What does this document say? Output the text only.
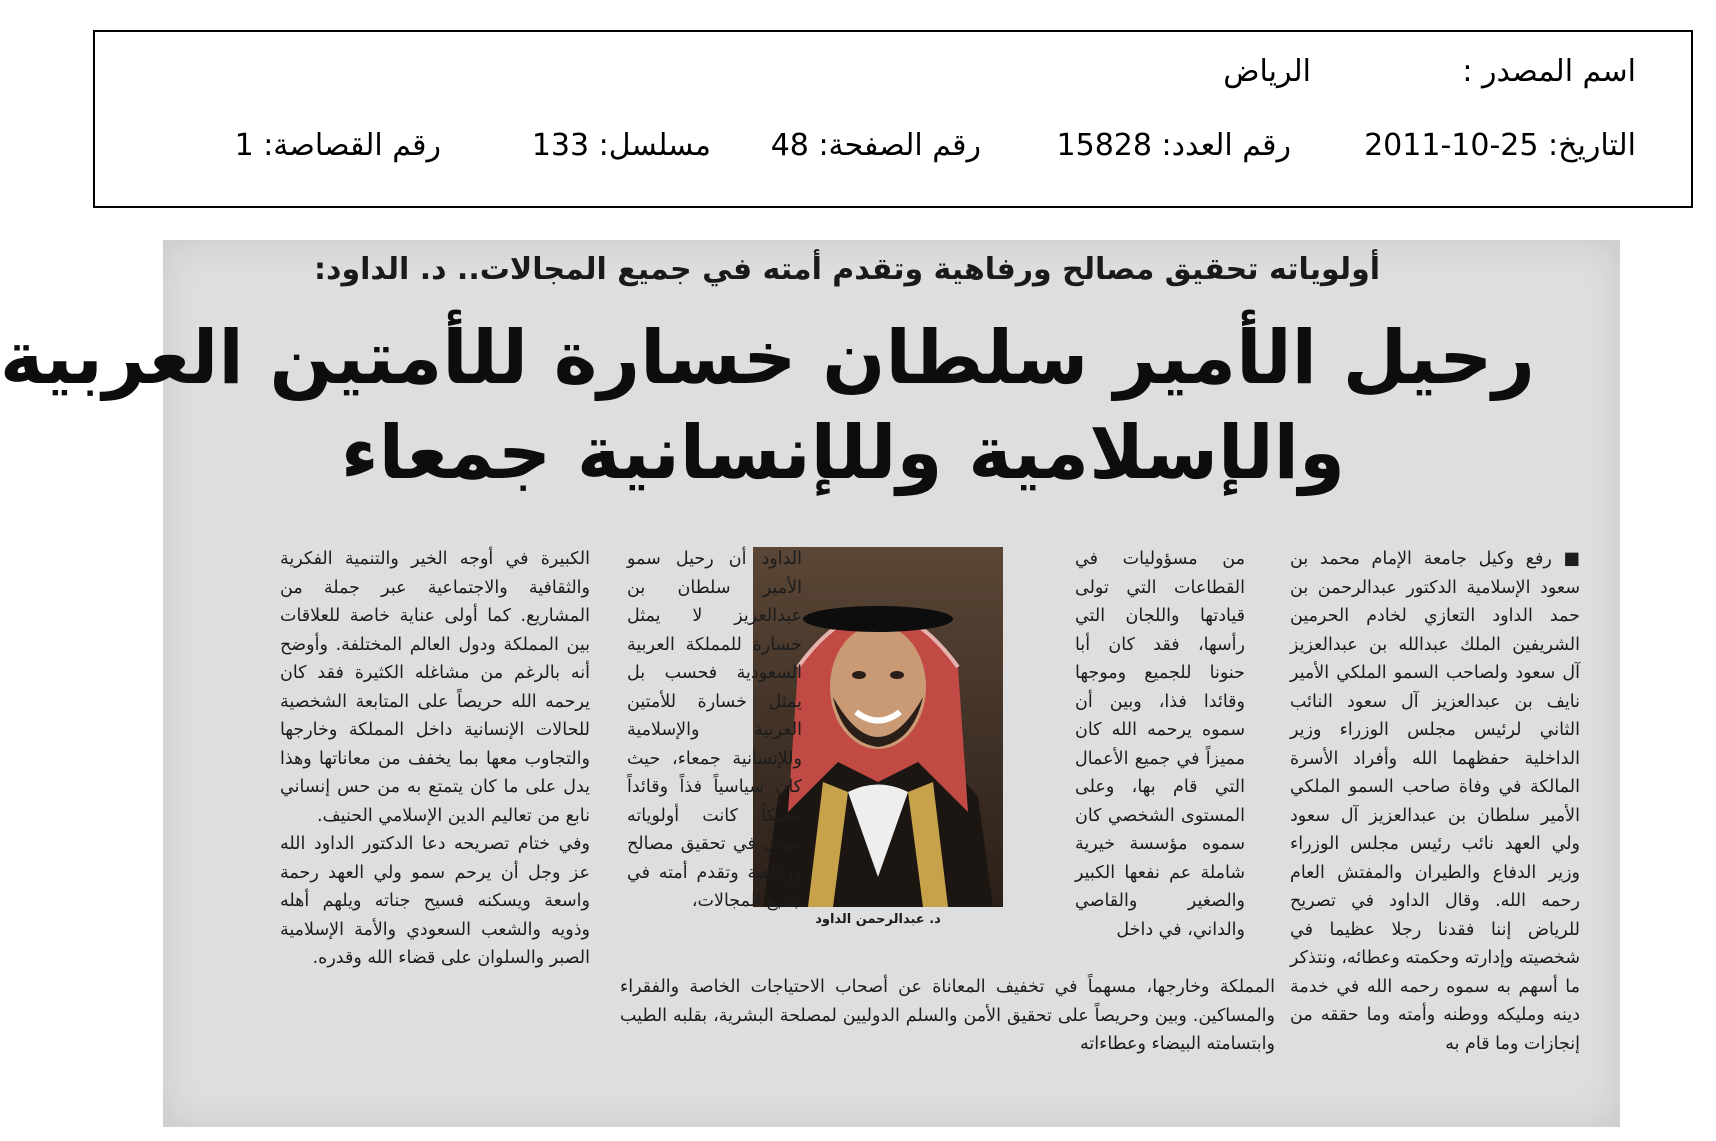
اسم المصدر :
الرياض
التاريخ: 25-10-2011
رقم العدد: 15828
رقم الصفحة: 48
مسلسل: 133
رقم القصاصة: 1
أولوياته تحقيق مصالح ورفاهية وتقدم أمته في جميع المجالات.. د. الداود:
رحيل الأمير سلطان خسارة للأمتين العربية
والإسلامية وللإنسانية جمعاء

■ رفع وكيل جامعة الإمام محمد بن سعود الإسلامية الدكتور عبدالرحمن بن حمد الداود التعازي لخادم الحرمين الشريفين الملك عبدالله بن عبدالعزيز آل سعود ولصاحب السمو الملكي الأمير نايف بن عبدالعزيز آل سعود النائب الثاني لرئيس مجلس الوزراء وزير الداخلية حفظهما الله وأفراد الأسرة المالكة في وفاة صاحب السمو الملكي الأمير سلطان بن عبدالعزيز آل سعود ولي العهد نائب رئيس مجلس الوزراء وزير الدفاع والطيران والمفتش العام رحمه الله. وقال الداود في تصريح للرياض إننا فقدنا رجلا عظيما في شخصيته وإدارته وحكمته وعطائه، ونتذكر ما أسهم به سموه رحمه الله في خدمة دينه ومليكه ووطنه وأمته وما حققه من إنجازات وما قام به

من مسؤوليات في القطاعات التي تولى قيادتها واللجان التي رأسها، فقد كان أبا حنونا للجميع وموجها وقائدا فذا، وبين أن سموه يرحمه الله كان مميزاً في جميع الأعمال التي قام بها، وعلى المستوى الشخصي كان سموه مؤسسة خيرية شاملة عم نفعها الكبير والصغير والقاصي والداني، في داخل

د. عبدالرحمن الداود

الداود أن رحيل سمو الأمير سلطان بن عبدالعزيز لا يمثل خسارة للمملكة العربية السعودية فحسب بل يمثل خسارة للأمتين العربية والإسلامية وللإنسانية جمعاء، حيث كان سياسياً فذاً وقائداً محنكاً كانت أولوياته تتمثل في تحقيق مصالح ورفاهية وتقدم أمته في جميع المجالات،

الكبيرة في أوجه الخير والتنمية الفكرية والثقافية والاجتماعية عبر جملة من المشاريع. كما أولى عناية خاصة للعلاقات بين المملكة ودول العالم المختلفة. وأوضح أنه بالرغم من مشاغله الكثيرة فقد كان يرحمه الله حريصاً على المتابعة الشخصية للحالات الإنسانية داخل المملكة وخارجها والتجاوب معها بما يخفف من معاناتها وهذا يدل على ما كان يتمتع به من حس إنساني نابع من تعاليم الدين الإسلامي الحنيف.

وفي ختام تصريحه دعا الدكتور الداود الله عز وجل أن يرحم سمو ولي العهد رحمة واسعة ويسكنه فسيح جناته ويلهم أهله وذويه والشعب السعودي والأمة الإسلامية الصبر والسلوان على قضاء الله وقدره.

المملكة وخارجها، مسهماً في تخفيف المعاناة عن أصحاب الاحتياجات الخاصة والفقراء والمساكين. وبين وحريصاً على تحقيق الأمن والسلم الدوليين لمصلحة البشرية، بقلبه الطيب وابتسامته البيضاء وعطاءاته
